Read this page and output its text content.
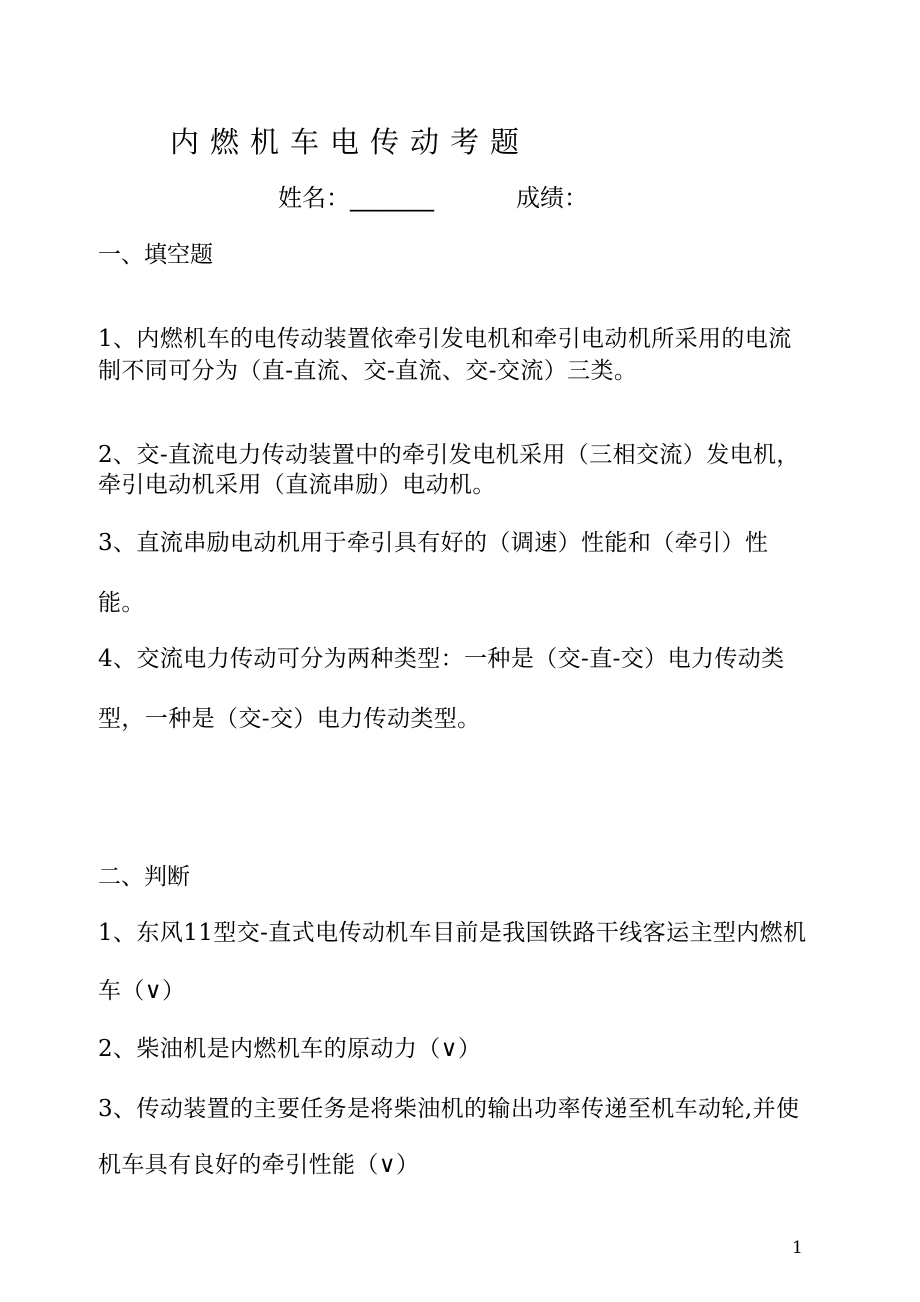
内燃机车电传动考题
姓名：_______	成绩：
一、填空题
1、内燃机车的电传动装置依牵引发电机和牵引电动机所采用的电流
制不同可分为（直-直流、交-直流、交-交流）三类。
2、交-直流电力传动装置中的牵引发电机采用（三相交流）发电机，
牵引电动机采用（直流串励）电动机。
3、直流串励电动机用于牵引具有好的（调速）性能和（牵引）性
能。
4、交流电力传动可分为两种类型：一种是（交-直-交）电力传动类
型，一种是（交-交）电力传动类型。
二、判断
1、东风11型交-直式电传动机车目前是我国铁路干线客运主型内燃机
车（∨）
2、柴油机是内燃机车的原动力（∨）
3、传动装置的主要任务是将柴油机的输出功率传递至机车动轮,并使
机车具有良好的牵引性能（∨）
1
